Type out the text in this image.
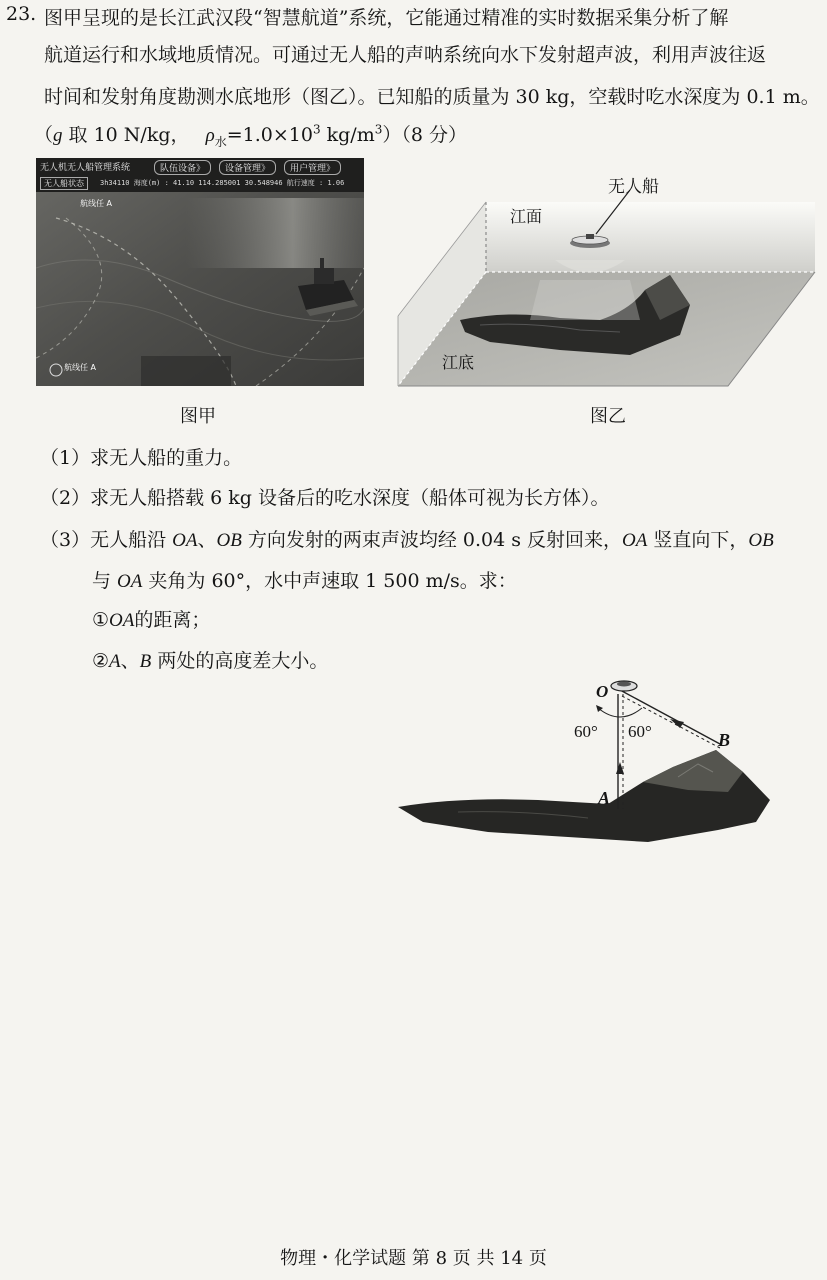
23. 图甲呈现的是长江武汉段“智慧航道”系统，它能通过精准的实时数据采集分析了解
航道运行和水域地质情况。可通过无人船的声呐系统向水下发射超声波，利用声波往返
时间和发射角度勘测水底地形（图乙）。已知船的质量为 30 kg，空载时吃水深度为 0.1 m。
（g 取 10 N/kg， $\rho_水=1.0\times 10^3$ $kg/m^3)(8$ 分）
无人机无人船管理系统	队伍设备》	设备管理》	用户管理》
无人船状态	3h34110 海度(m) : 41.10 114.285001 30.548946 航行速度 : 1.06
航线任 A
航线任 A
图甲
无人船
江面
江底
图乙
（1）求无人船的重力。
（2）求无人船搭载 6 kg 设备后的吃水深度（船体可视为长方体）。
（3）无人船沿 OA、OB 方向发射的两束声波均经 0.04 s 反射回来，OA 竖直向下，OB
与 OA 夹角为 60°，水中声速取 1 500 m/s。求：
①OA的距离；
②A、B 两处的高度差大小。
O
A
B
60° 60°
物理・化学试题 第 8 页 共 14 页
